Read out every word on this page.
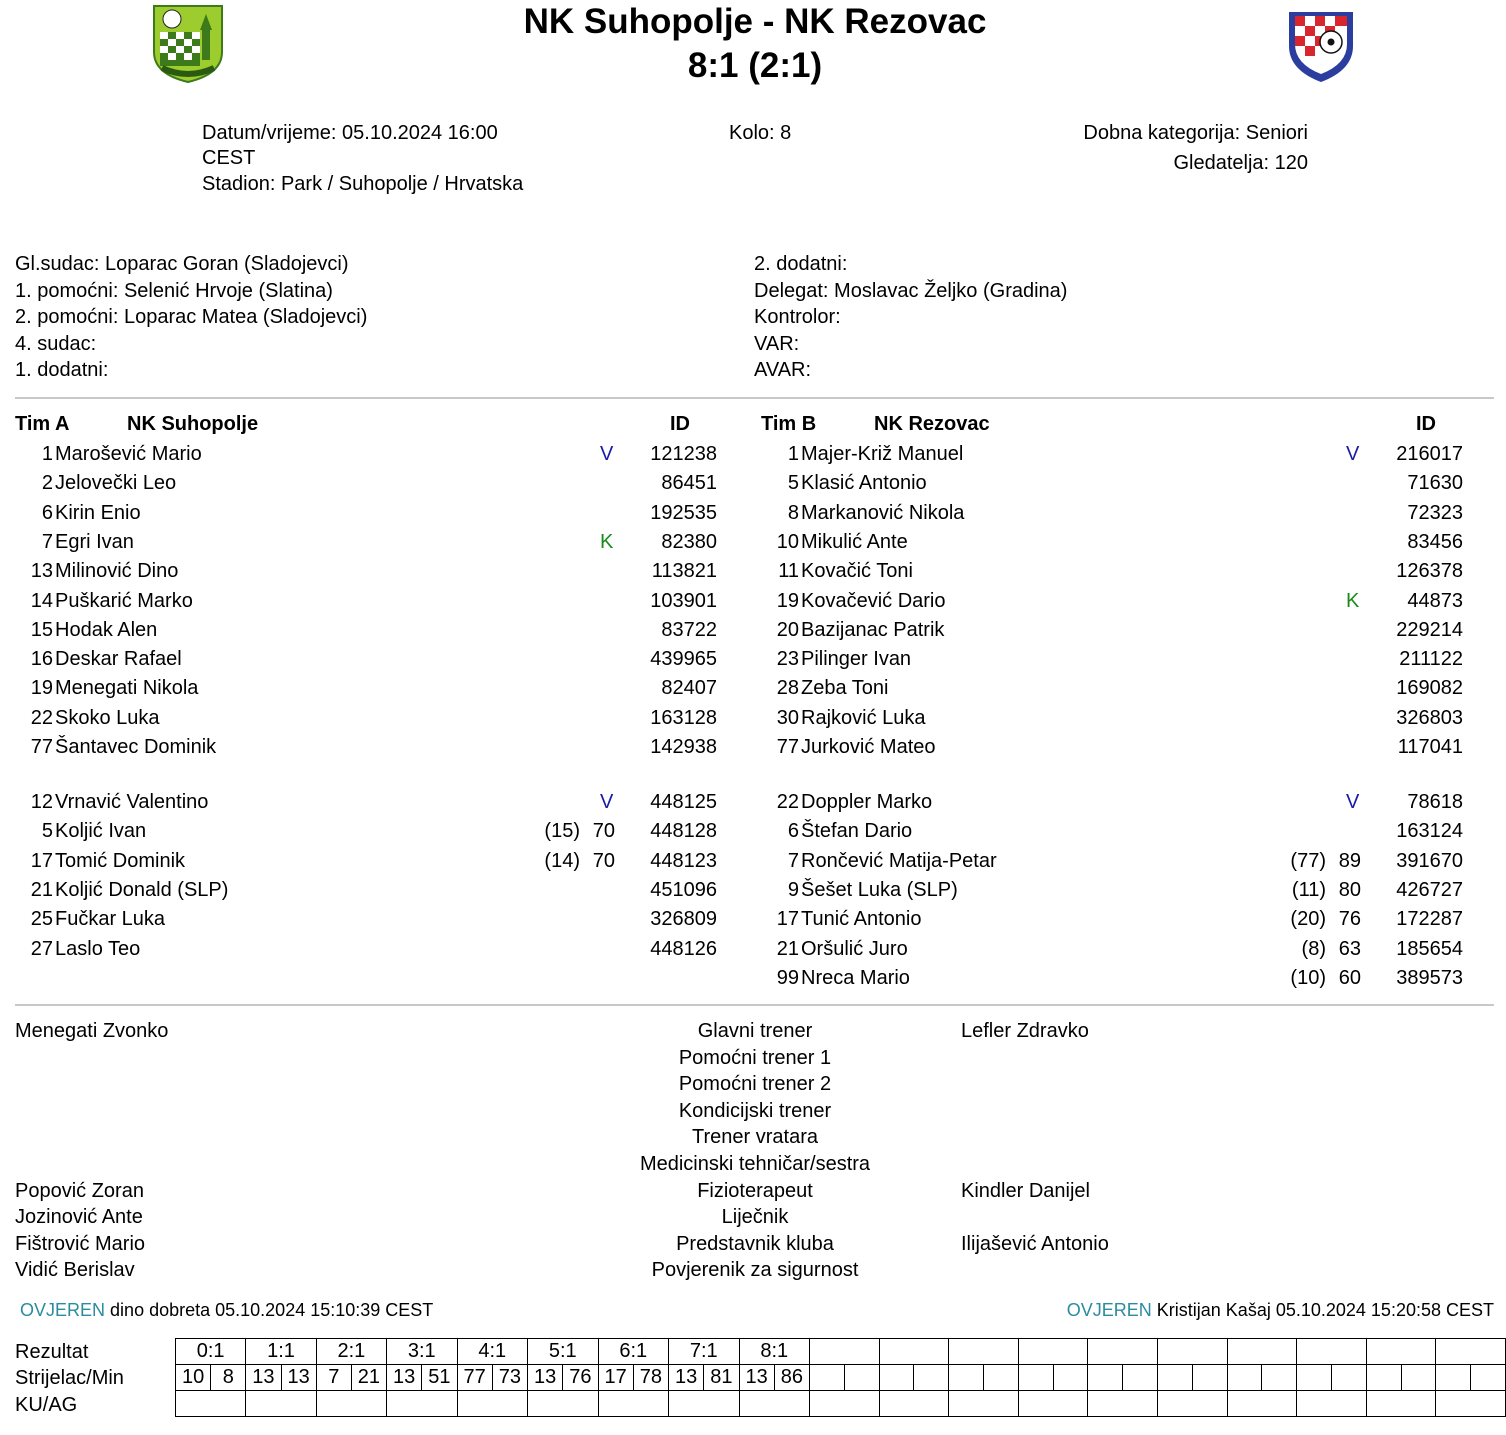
NK Suhopolje - NK Rezovac
8:1 (2:1)
Datum/vrijeme: 05.10.2024 16:00
CEST
Stadion: Park / Suhopolje / Hrvatska
Kolo: 8	Dobna kategorija: Seniori
Gledatelja: 120
Gl.sudac: Loparac Goran (Sladojevci)
1. pomoćni: Selenić Hrvoje (Slatina)
2. pomoćni: Loparac Matea (Sladojevci)
4. sudac:
1. dodatni:
2. dodatni:
Delegat: Moslavac Željko (Gradina)
Kontrolor:
VAR:
AVAR:
Tim A	NK Suhopolje	ID	Tim B	NK Rezovac	ID
1 Marošević Mario	V	121238
2 Jelovečki Leo	86451
6 Kirin Enio	192535
7 Egri Ivan	K	82380
13 Milinović Dino	113821
14 Puškarić Marko	103901
15 Hodak Alen	83722
16 Deskar Rafael	439965
19 Menegati Nikola	82407
22 Skoko Luka	163128
77 Šantavec Dominik	142938
12 Vrnavić Valentino	V	448125
5 Koljić Ivan	(15) 70	448128
17 Tomić Dominik	(14) 70	448123
21 Koljić Donald (SLP)	451096
25 Fučkar Luka	326809
27 Laslo Teo	448126
1 Majer-Križ Manuel	V	216017
5 Klasić Antonio	71630
8 Markanović Nikola	72323
10 Mikulić Ante	83456
11 Kovačić Toni	126378
19 Kovačević Dario	K	44873
20 Bazijanac Patrik	229214
23 Pilinger Ivan	211122
28 Zeba Toni	169082
30 Rajković Luka	326803
77 Jurković Mateo	117041
22 Doppler Marko	V	78618
6 Štefan Dario	163124
7 Rončević Matija-Petar	(77) 89	391670
9 Šešet Luka (SLP)	(11) 80	426727
17 Tunić Antonio	(20) 76	172287
21 Oršulić Juro	(8) 63	185654
99 Nreca Mario	(10) 60	389573
Menegati Zvonko	Glavni trener	Lefler Zdravko
Pomoćni trener 1
Pomoćni trener 2
Kondicijski trener
Trener vratara
Medicinski tehničar/sestra
Popović Zoran	Fizioterapeut	Kindler Danijel
Jozinović Ante	Liječnik
Fištrović Mario	Predstavnik kluba	Ilijašević Antonio
Vidić Berislav	Povjerenik za sigurnost
OVJEREN dino dobreta 05.10.2024 15:10:39 CEST	OVJEREN Kristijan Kašaj 05.10.2024 15:20:58 CEST
Rezultat
Strijelac/Min
KU/AG
0:1		1:1		2:1		3:1		4:1		5:1		6:1		7:1		8:1																					
10	8	13	13	7	21	13	51	77	73	13	76	17	78	13	81	13	86																				
